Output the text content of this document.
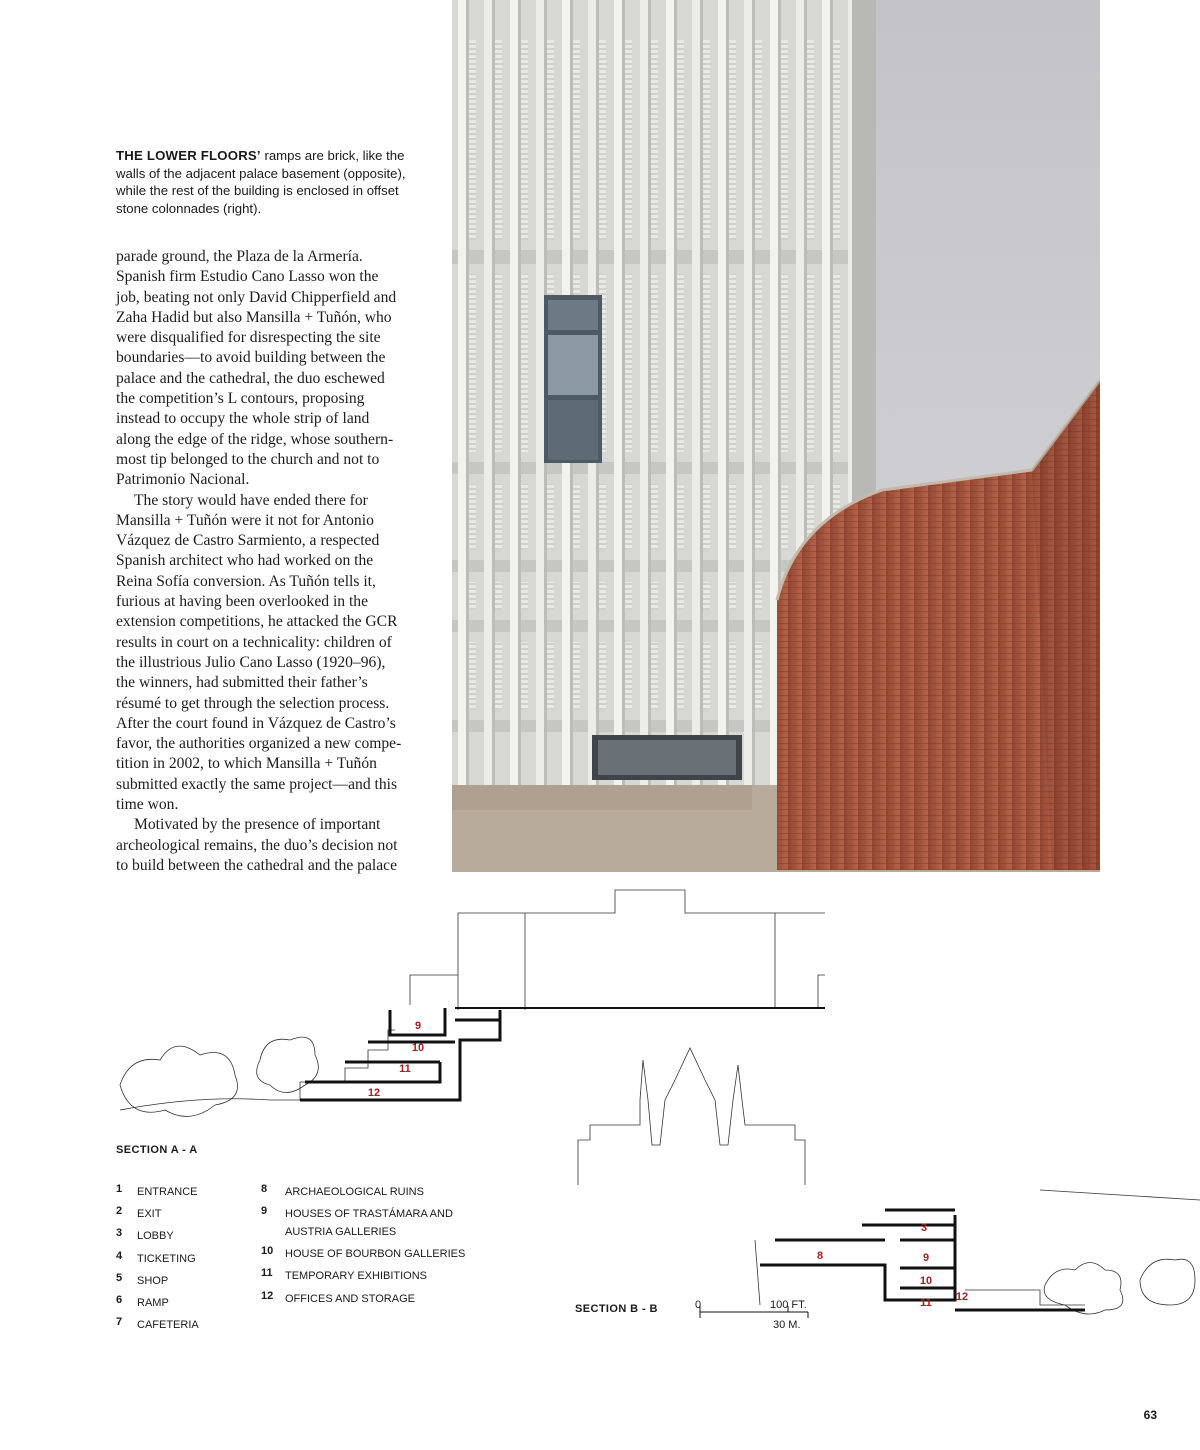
THE LOWER FLOORS’ ramps are brick, like the walls of the adjacent palace basement (opposite), while the rest of the building is enclosed in offset stone colonnades (right).
parade ground, the Plaza de la Armería.
Spanish firm Estudio Cano Lasso won the
job, beating not only David Chipperfield and
Zaha Hadid but also Mansilla + Tuñón, who
were disqualified for disrespecting the site
boundaries—to avoid building between the
palace and the cathedral, the duo eschewed
the competition’s L contours, proposing
instead to occupy the whole strip of land
along the edge of the ridge, whose southern-
most tip belonged to the church and not to
Patrimonio Nacional.
The story would have ended there for
Mansilla + Tuñón were it not for Antonio
Vázquez de Castro Sarmiento, a respected
Spanish architect who had worked on the
Reina Sofía conversion. As Tuñón tells it,
furious at having been overlooked in the
extension competitions, he attacked the GCR
results in court on a technicality: children of
the illustrious Julio Cano Lasso (1920–96),
the winners, had submitted their father’s
résumé to get through the selection process.
After the court found in Vázquez de Castro’s
favor, the authorities organized a new compe-
tition in 2002, to which Mansilla + Tuñón
submitted exactly the same project—and this
time won.
Motivated by the presence of important
archeological remains, the duo’s decision not
to build between the cathedral and the palace
9
10
11
12
3
8	9
10
11 12
SECTION A - A
SECTION B - B
1	ENTRANCE
2	EXIT
3	LOBBY
4	TICKETING
5	SHOP
6	RAMP
7	CAFETERIA
8	ARCHAEOLOGICAL RUINS
9	HOUSES OF TRASTÁMARA AND AUSTRIA GALLERIES
10	HOUSE OF BOURBON GALLERIES
11	TEMPORARY EXHIBITIONS
12	OFFICES AND STORAGE
0	100 FT.
30 M.
63
